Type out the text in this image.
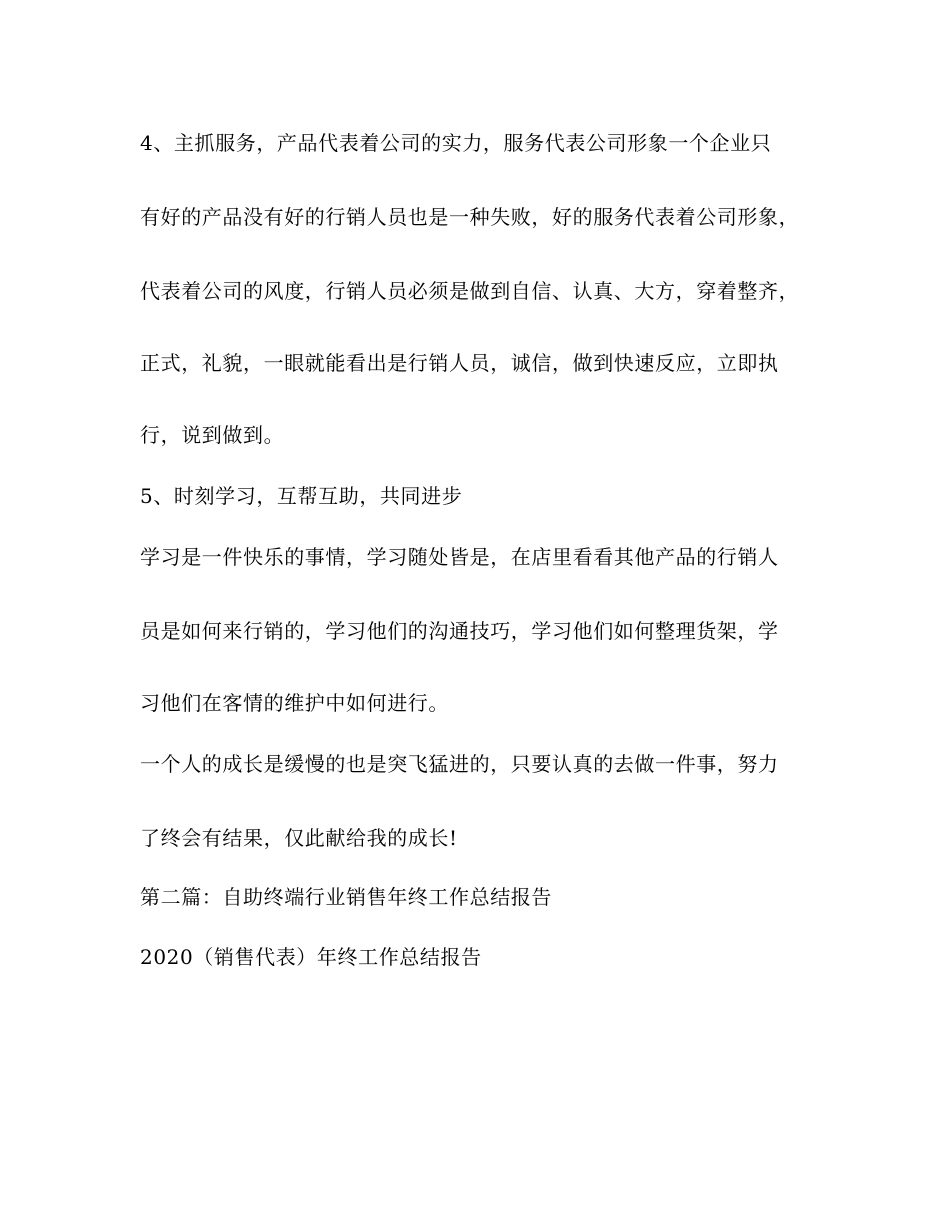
4、主抓服务，产品代表着公司的实力，服务代表公司形象一个企业只
有好的产品没有好的行销人员也是一种失败，好的服务代表着公司形象，
代表着公司的风度，行销人员必须是做到自信、认真、大方，穿着整齐，
正式，礼貌，一眼就能看出是行销人员，诚信，做到快速反应，立即执
行，说到做到。
5、时刻学习，互帮互助，共同进步
学习是一件快乐的事情，学习随处皆是，在店里看看其他产品的行销人
员是如何来行销的，学习他们的沟通技巧，学习他们如何整理货架，学
习他们在客情的维护中如何进行。
一个人的成长是缓慢的也是突飞猛进的，只要认真的去做一件事，努力
了终会有结果，仅此献给我的成长!
第二篇：自助终端行业销售年终工作总结报告
2020（销售代表）年终工作总结报告
